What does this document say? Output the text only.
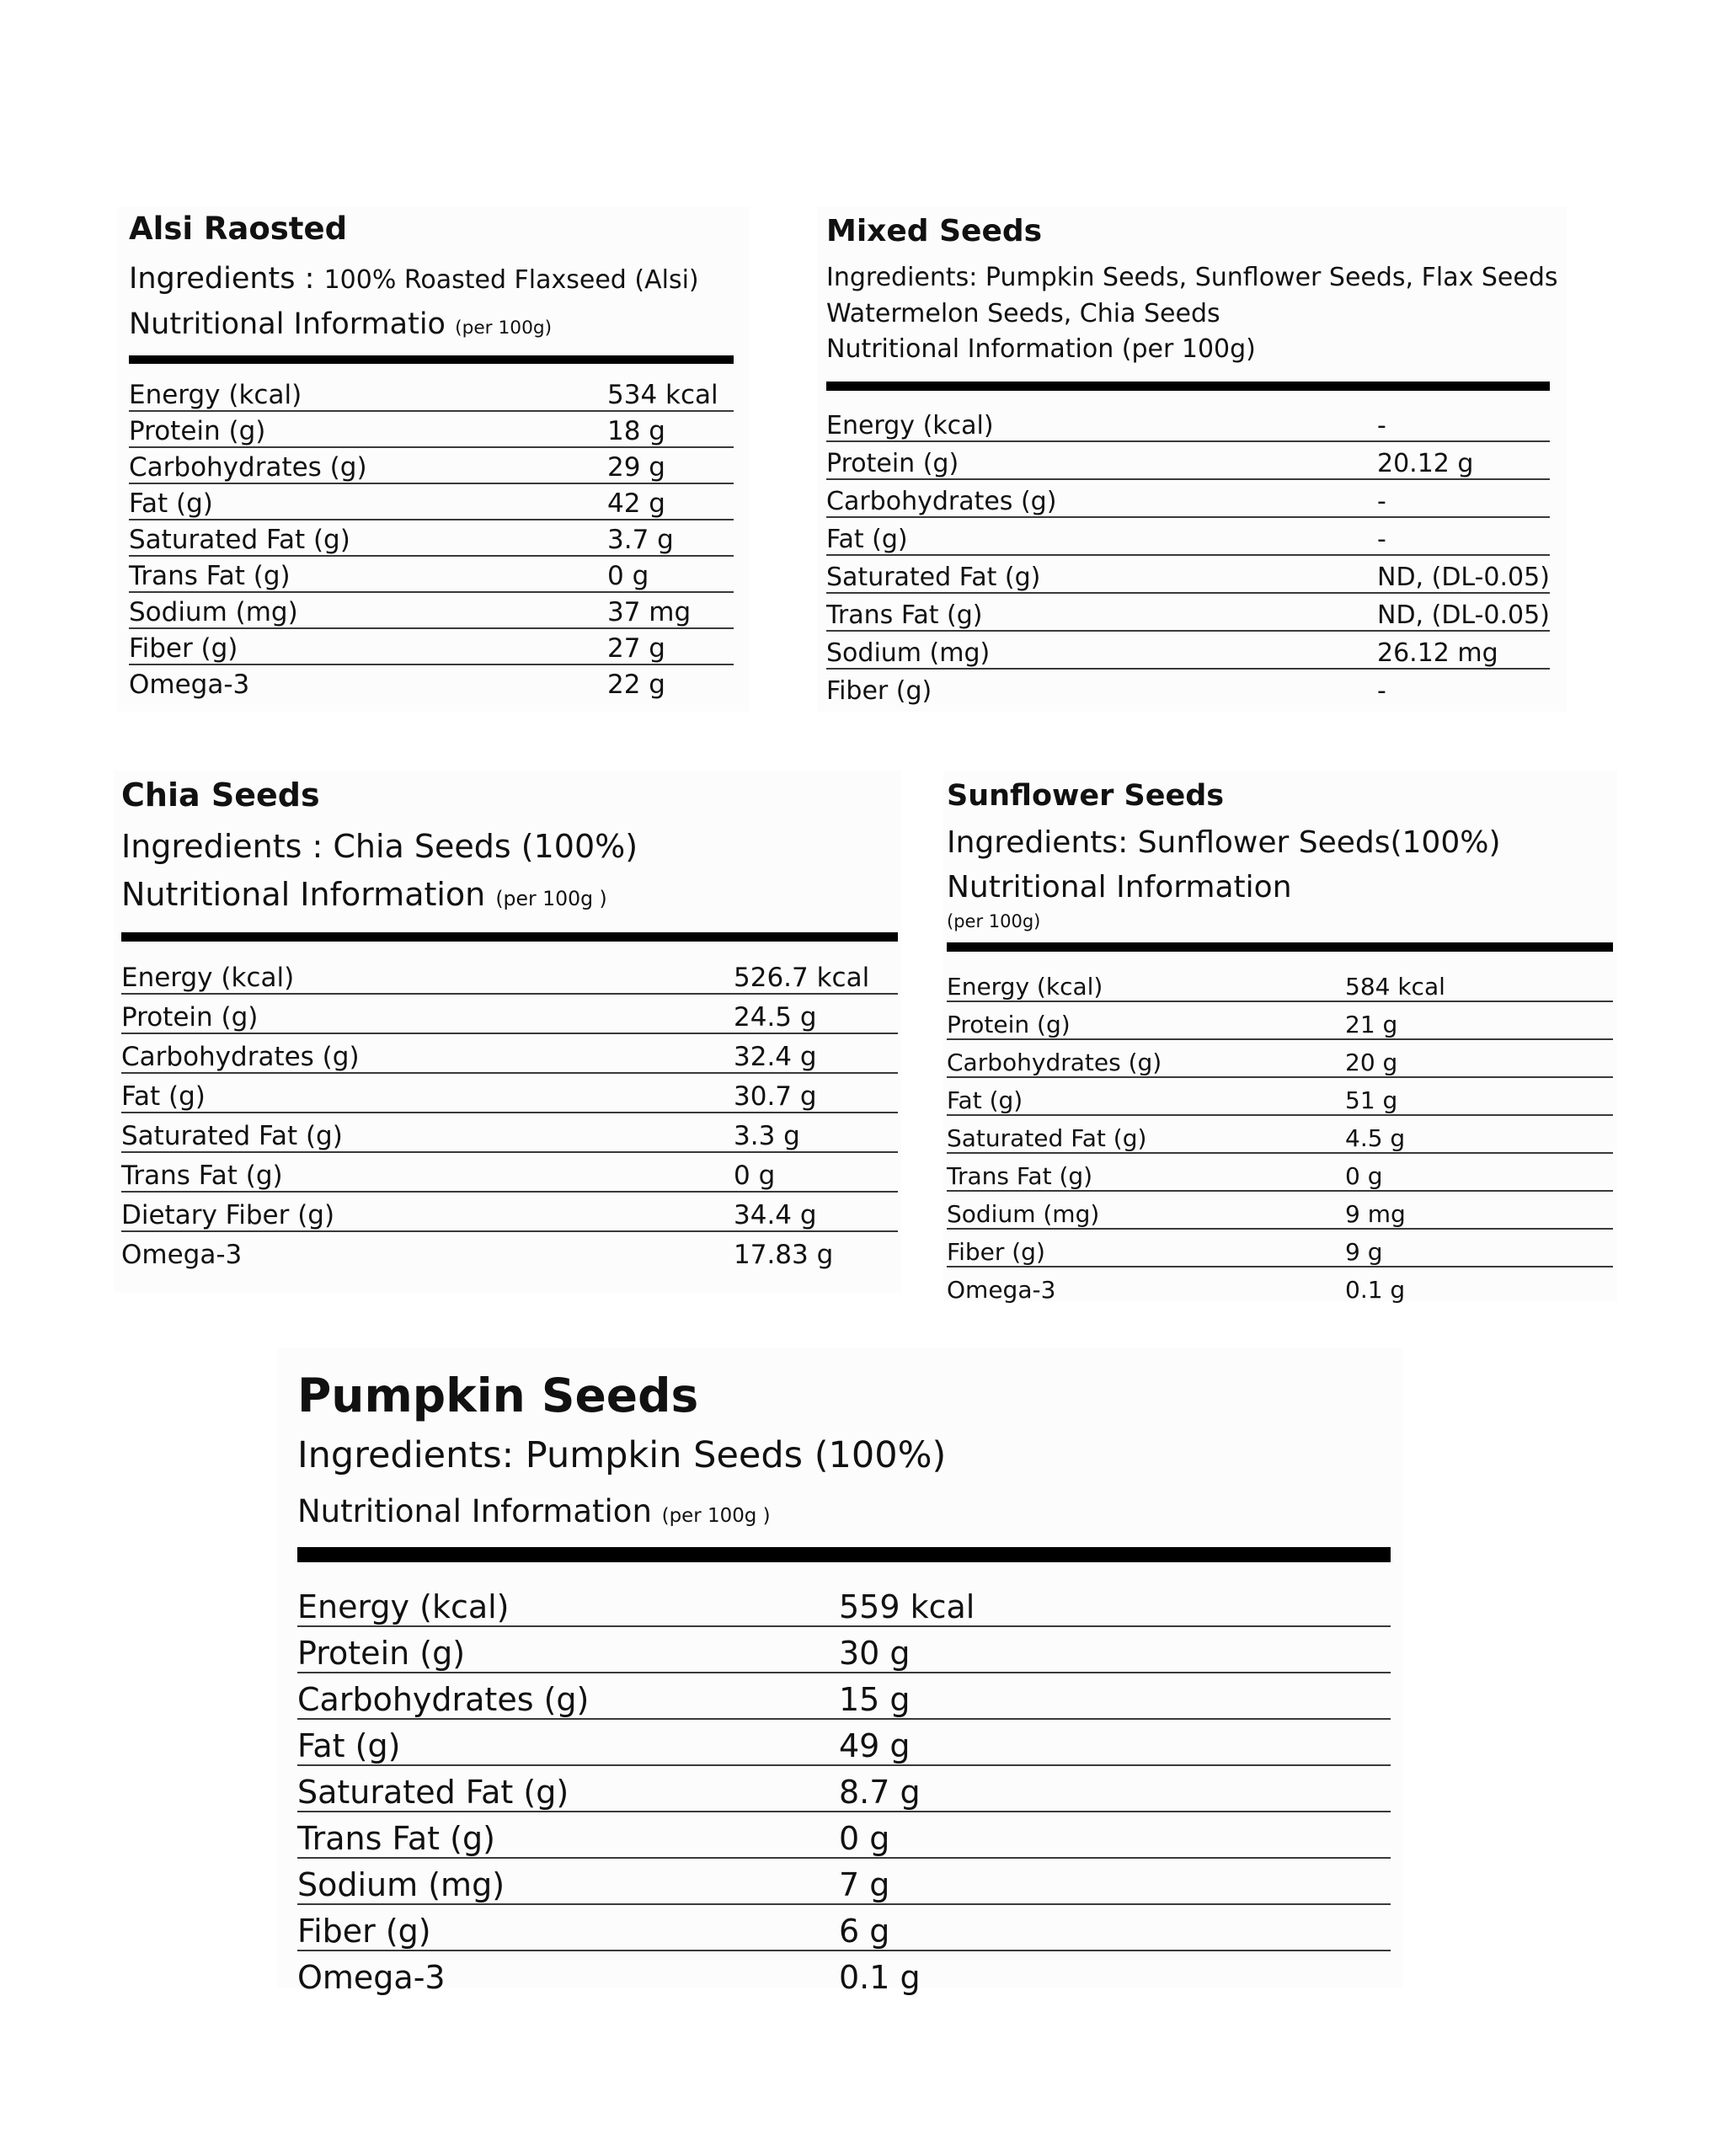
Alsi Raosted

Ingredients : 100% Roasted Flaxseed (Alsi)

Nutritional Informatio (per 100g)

Energy (kcal)	534 kcal
Protein (g)	18 g
Carbohydrates (g)	29 g
Fat (g)	42 g
Saturated Fat (g)	3.7 g
Trans Fat (g)	0 g
Sodium (mg)	37 mg
Fiber (g)	27 g
Omega-3	22 g
Mixed Seeds

Ingredients: Pumpkin Seeds, Sunflower Seeds, Flax Seeds
Watermelon Seeds, Chia Seeds

Nutritional Information (per 100g)

Energy (kcal)	-
Protein (g)	20.12 g
Carbohydrates (g)	-
Fat (g)	-
Saturated Fat (g)	ND, (DL-0.05)
Trans Fat (g)	ND, (DL-0.05)
Sodium (mg)	26.12 mg
Fiber (g)	-
Chia Seeds

Ingredients : Chia Seeds (100%)

Nutritional Information (per 100g )

Energy (kcal)	526.7 kcal
Protein (g)	24.5 g
Carbohydrates (g)	32.4 g
Fat (g)	30.7 g
Saturated Fat (g)	3.3 g
Trans Fat (g)	0 g
Dietary Fiber (g)	34.4 g
Omega-3	17.83 g
Sunflower Seeds

Ingredients: Sunflower Seeds(100%)

Nutritional Information
(per 100g)

Energy (kcal)	584 kcal
Protein (g)	21 g
Carbohydrates (g)	20 g
Fat (g)	51 g
Saturated Fat (g)	4.5 g
Trans Fat (g)	0 g
Sodium (mg)	9 mg
Fiber (g)	9 g
Omega-3	0.1 g
Pumpkin Seeds

Ingredients: Pumpkin Seeds (100%)

Nutritional Information (per 100g )

Energy (kcal)	559 kcal
Protein (g)	30 g
Carbohydrates (g)	15 g
Fat (g)	49 g
Saturated Fat (g)	8.7 g
Trans Fat (g)	0 g
Sodium (mg)	7 g
Fiber (g)	6 g
Omega-3	0.1 g
